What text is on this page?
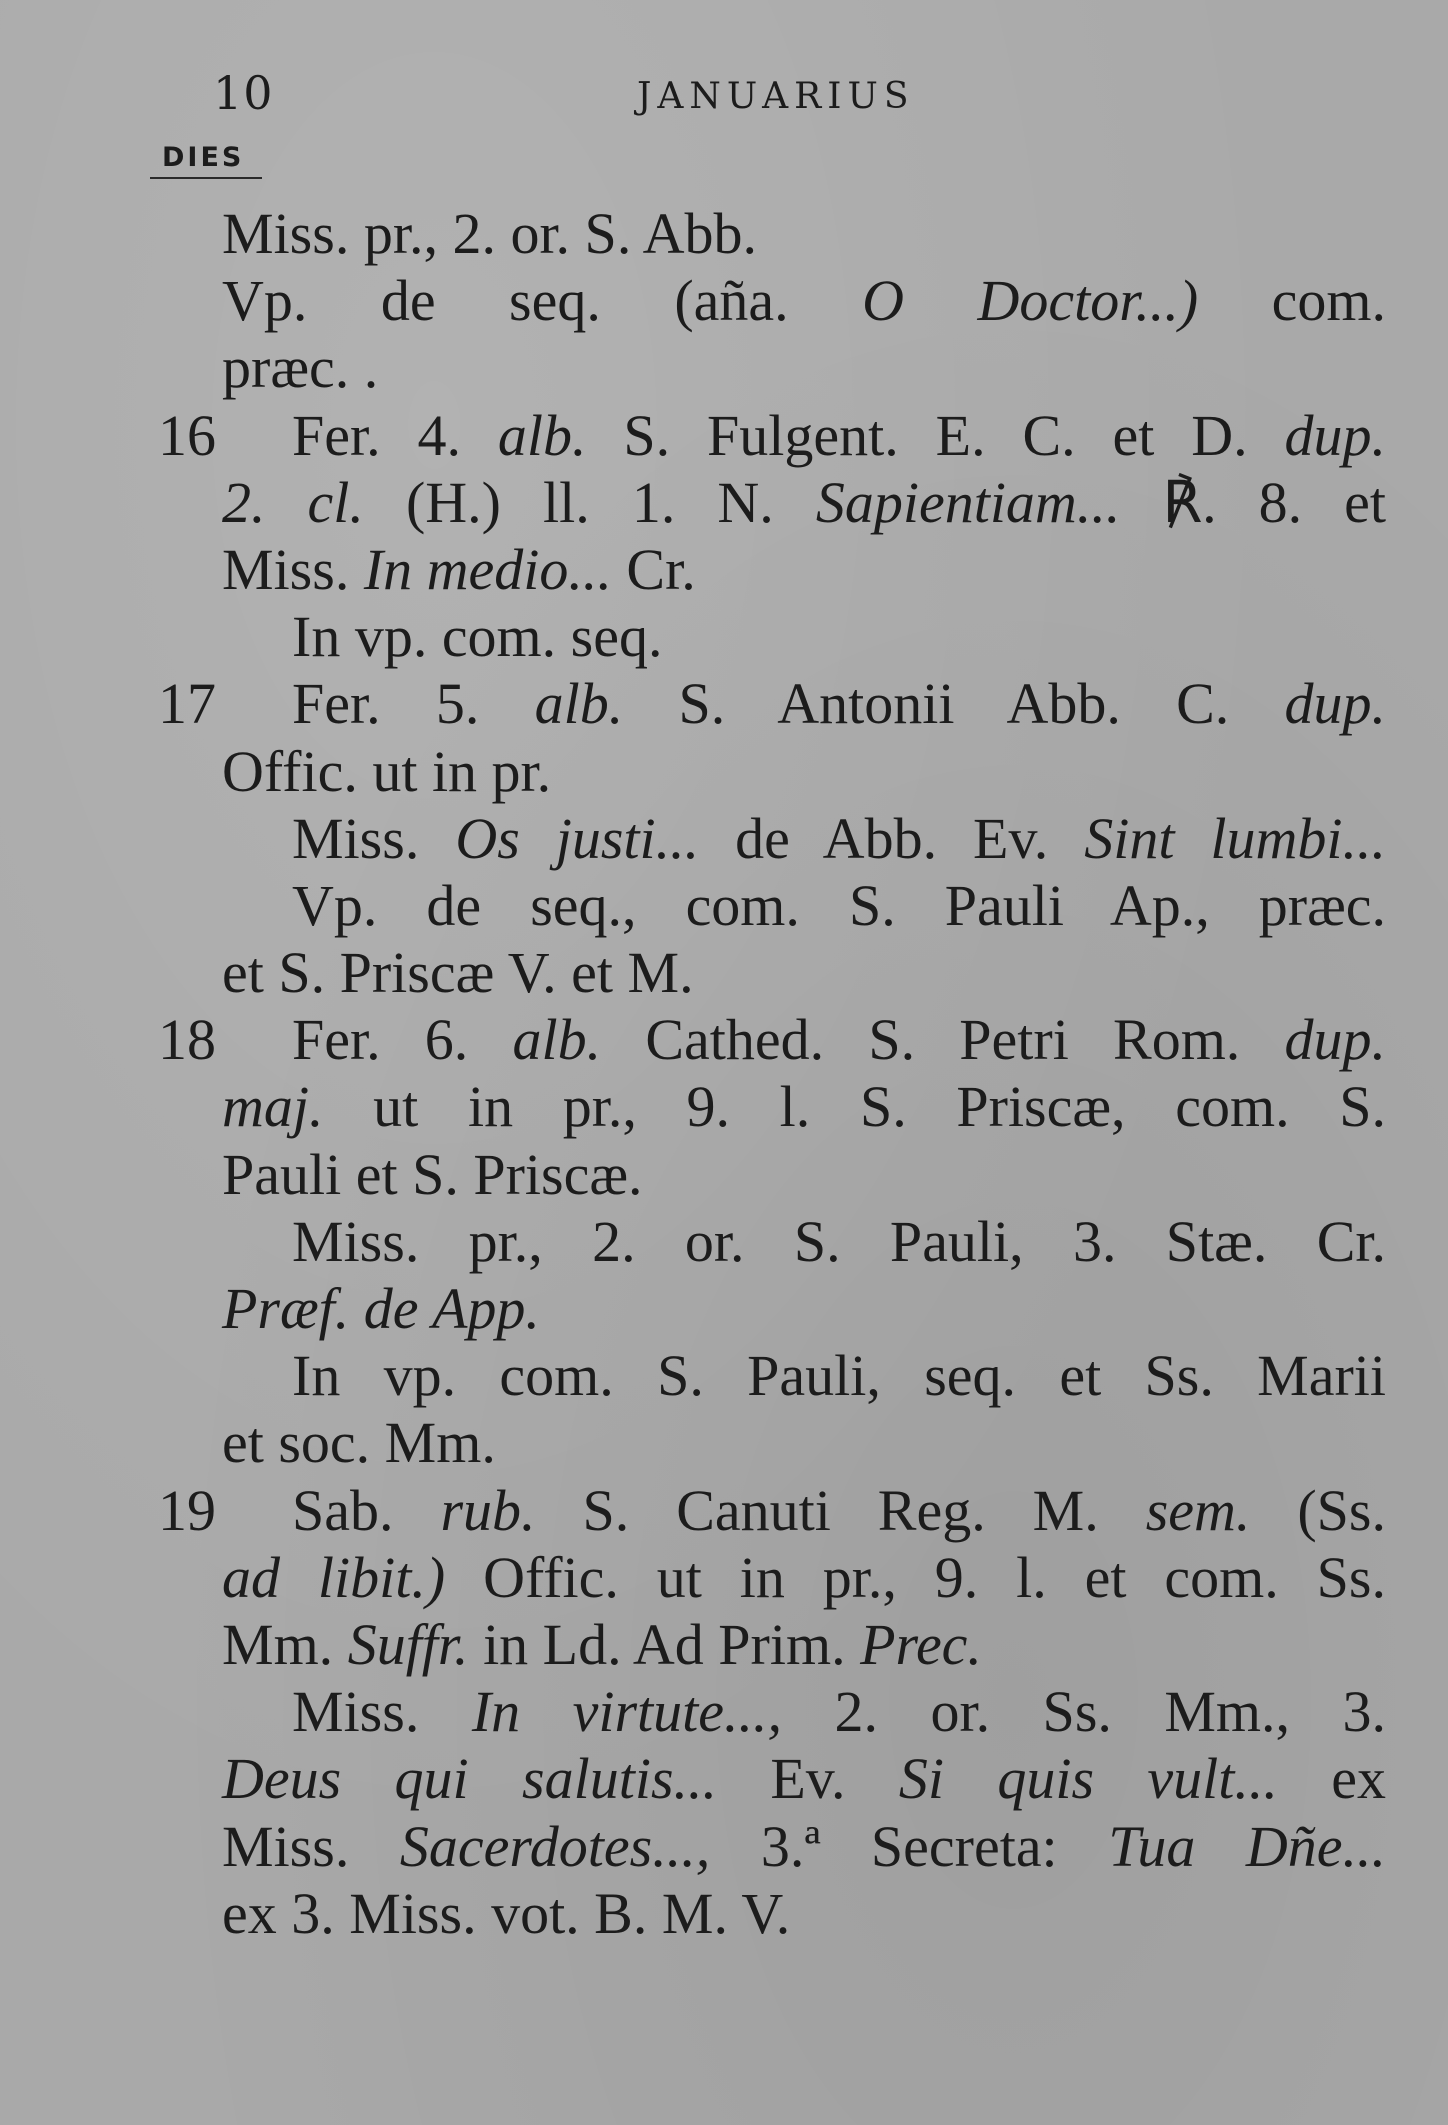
10	JANUARIUS
DIES
Miss. pr., 2. or. S. Abb.
Vp. de seq. (aña. O Doctor...) com.
præc. .
16	Fer. 4. alb. S. Fulgent. E. C. et D. dup.
2. cl. (H.) ll. 1. N. Sapientiam... ℟. 8. et
Miss. In medio... Cr.
In vp. com. seq.
17	Fer. 5. alb. S. Antonii Abb. C. dup.
Offic. ut in pr.
Miss. Os justi... de Abb. Ev. Sint lumbi...
Vp. de seq., com. S. Pauli Ap., præc.
et S. Priscæ V. et M.
18	Fer. 6. alb. Cathed. S. Petri Rom. dup.
maj. ut in pr., 9. l. S. Priscæ, com. S.
Pauli et S. Priscæ.
Miss. pr., 2. or. S. Pauli, 3. Stæ. Cr.
Præf. de App.
In vp. com. S. Pauli, seq. et Ss. Marii
et soc. Mm.
19	Sab. rub. S. Canuti Reg. M. sem. (Ss.
ad libit.) Offic. ut in pr., 9. l. et com. Ss.
Mm. Suffr. in Ld. Ad Prim. Prec.
Miss. In virtute..., 2. or. Ss. Mm., 3.
Deus qui salutis... Ev. Si quis vult... ex
Miss. Sacerdotes..., 3.ª Secreta: Tua Dñe...
ex 3. Miss. vot. B. M. V.
